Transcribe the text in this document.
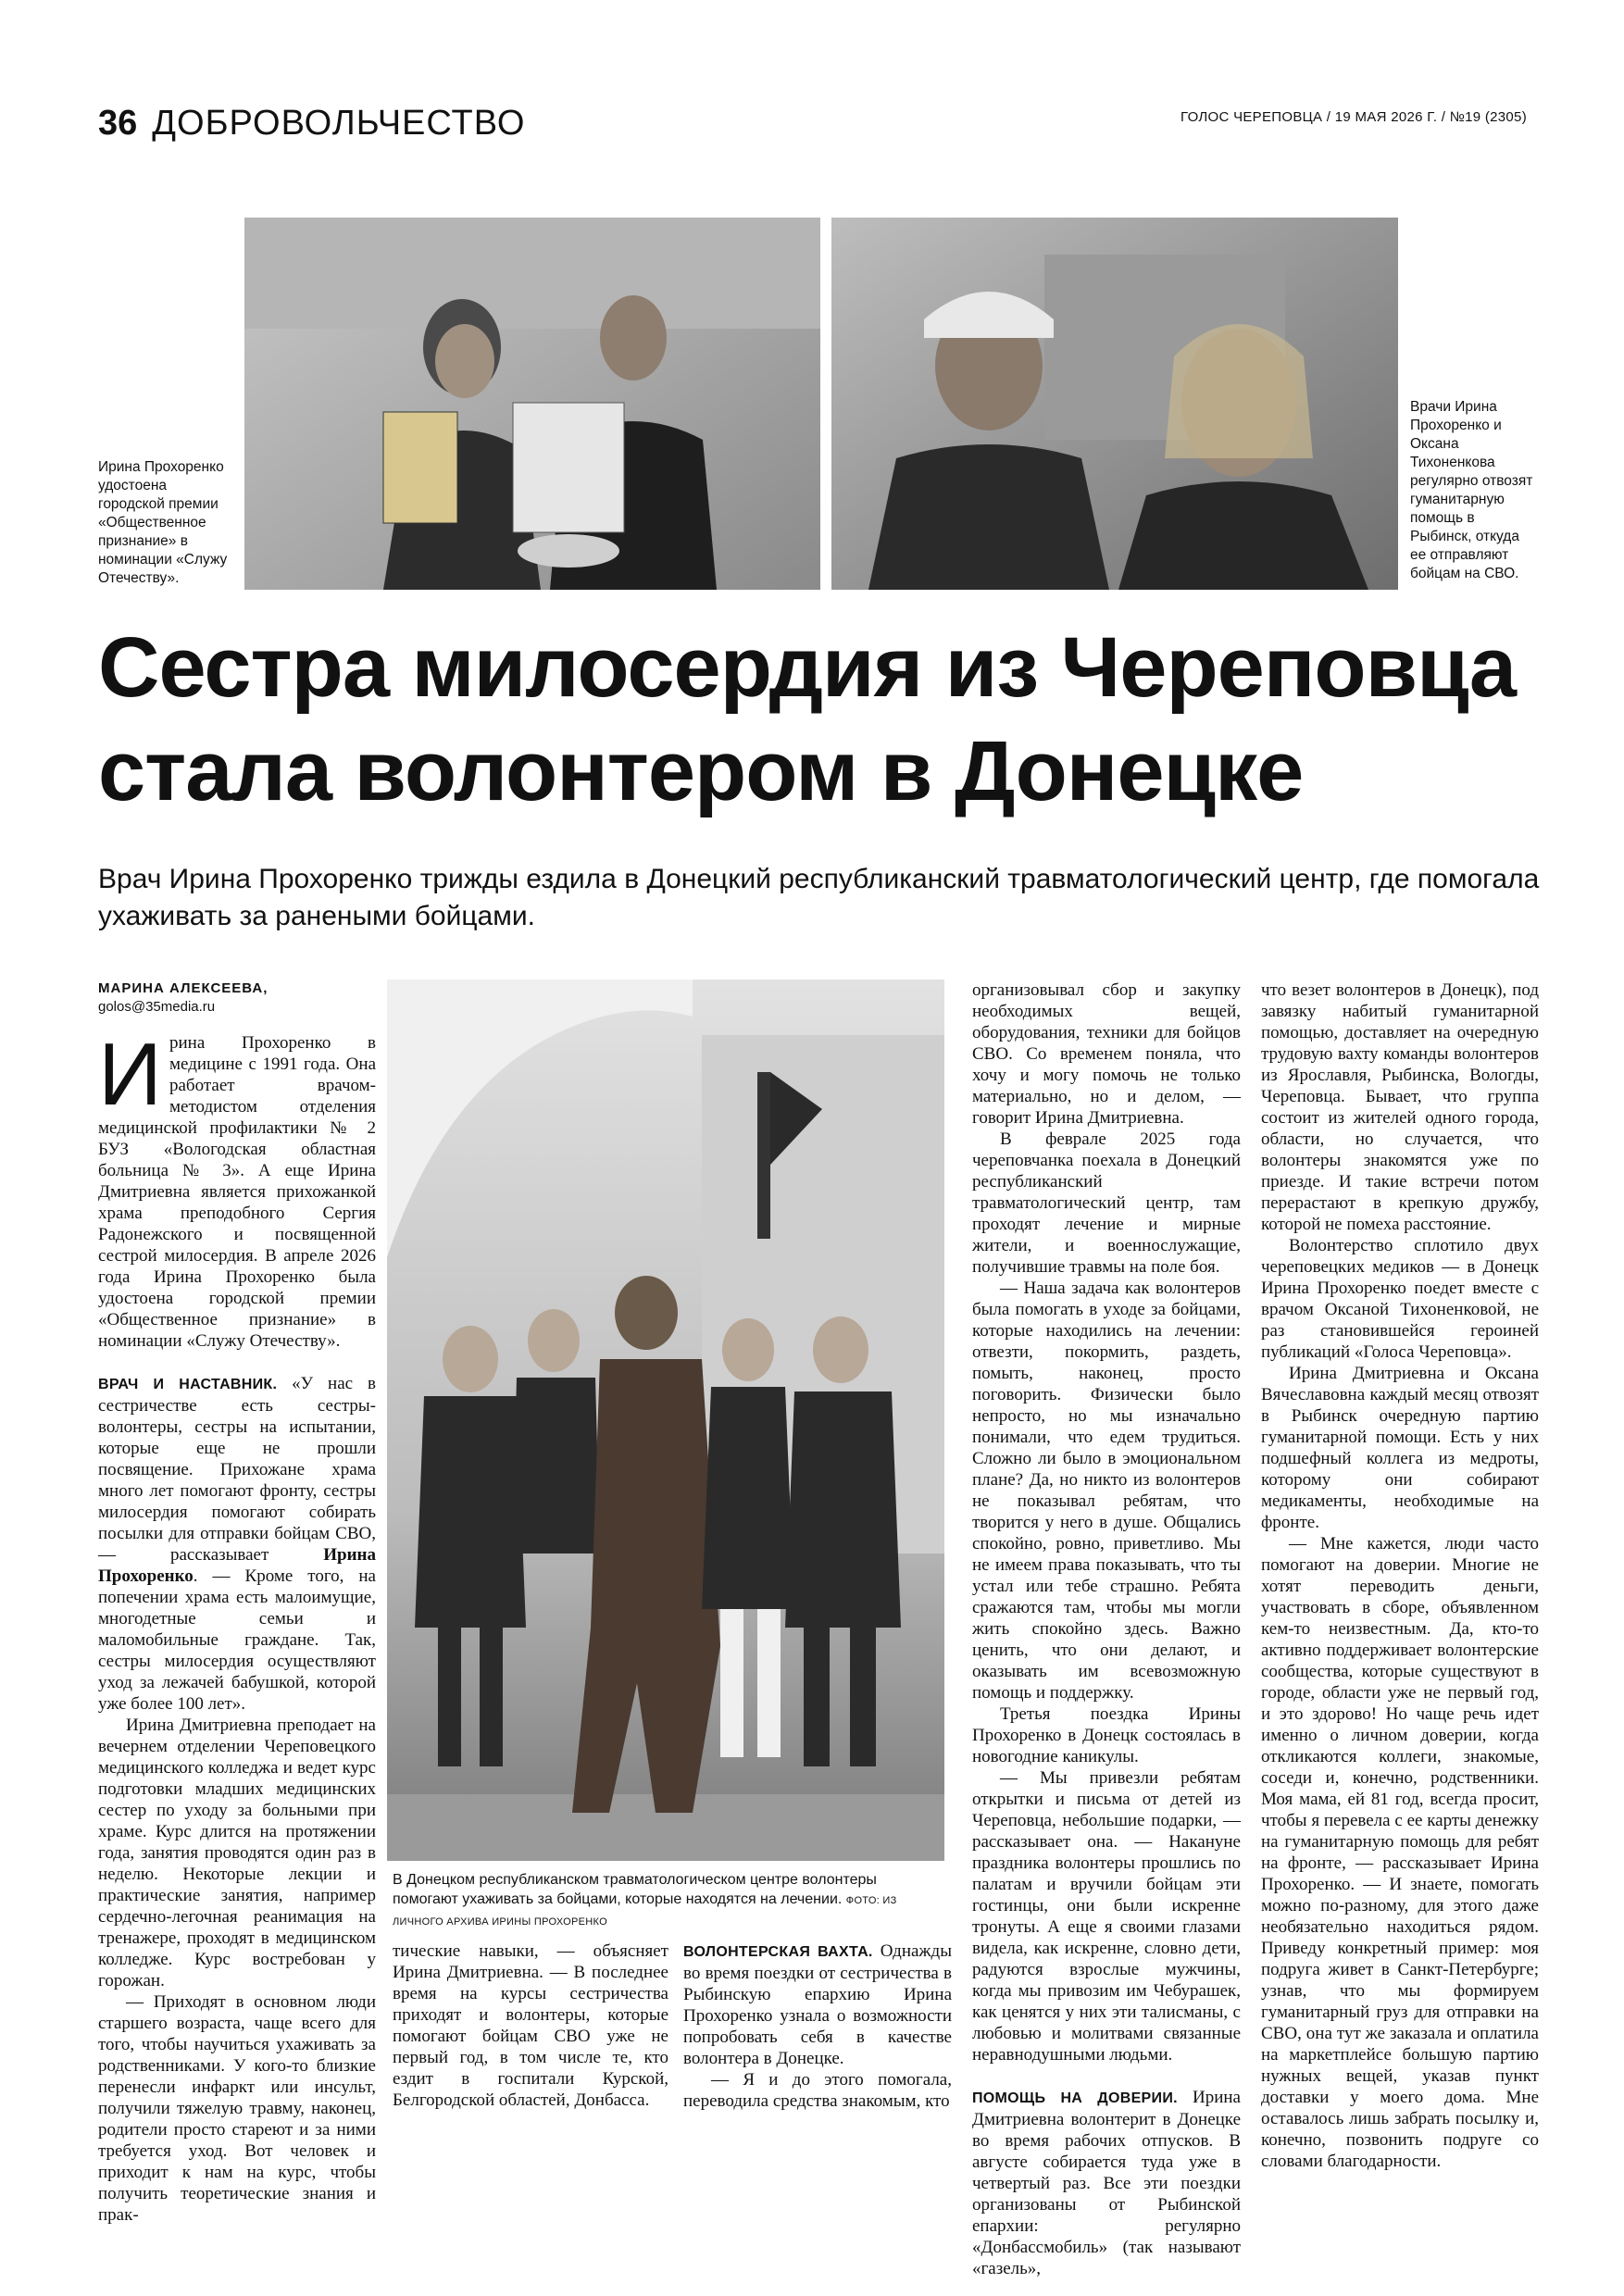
36 ДОБРОВОЛЬЧЕСТВО	ГОЛОС ЧЕРЕПОВЦА / 19 МАЯ 2026 Г. / №19 (2305)
Ирина Прохоренко удостоена городской премии «Общественное признание» в номинации «Служу Отечеству».
Врачи Ирина Прохоренко и Оксана Тихоненкова регулярно отвозят гуманитарную помощь в Рыбинск, откуда ее отправляют бойцам на СВО.
Сестра милосердия из Череповца
стала волонтером в Донецке
Врач Ирина Прохоренко трижды ездила в Донецкий республиканский травматологический центр, где помогала ухаживать за ранеными бойцами.
МАРИНА АЛЕКСЕЕВА,
golos@35media.ru

Ирина Прохоренко в медицине с 1991 года. Она работает врачом-методистом отделения медицинской профилактики № 2 БУЗ «Вологодская областная больница № 3». А еще Ирина Дмитриевна является прихожанкой храма преподобного Сергия Радонежского и посвященной сестрой милосердия. В апреле 2026 года Ирина Прохоренко была удостоена городской премии «Общественное признание» в номинации «Служу Отечеству».

ВРАЧ И НАСТАВНИК. «У нас в сестричестве есть сестры-волонтеры, сестры на испытании, которые еще не прошли посвящение. Прихожане храма много лет помогают фронту, сестры милосердия помогают собирать посылки для отправки бойцам СВО, — рассказывает Ирина Прохоренко. — Кроме того, на попечении храма есть малоимущие, многодетные семьи и маломобильные граждане. Так, сестры милосердия осуществляют уход за лежачей бабушкой, которой уже более 100 лет».

Ирина Дмитриевна преподает на вечернем отделении Череповецкого медицинского колледжа и ведет курс подготовки младших медицинских сестер по уходу за больными при храме. Курс длится на протяжении года, занятия проводятся один раз в неделю. Некоторые лекции и практические занятия, например сердечно-легочная реанимация на тренажере, проходят в медицинском колледже. Курс востребован у горожан.

— Приходят в основном люди старшего возраста, чаще всего для того, чтобы научиться ухаживать за родственниками. У кого-то близкие перенесли инфаркт или инсульт, получили тяжелую травму, наконец, родители просто стареют и за ними требуется уход. Вот человек и приходит к нам на курс, чтобы получить теоретические знания и прак-

В Донецком республиканском травматологическом центре волонтеры помогают ухаживать за бойцами, которые находятся на лечении. ФОТО: ИЗ ЛИЧНОГО АРХИВА ИРИНЫ ПРОХОРЕНКО

тические навыки, — объясняет Ирина Дмитриевна. — В последнее время на курсы сестричества приходят и волонтеры, которые помогают бойцам СВО уже не первый год, в том числе те, кто ездит в госпитали Курской, Белгородской областей, Донбасса.

ВОЛОНТЕРСКАЯ ВАХТА. Однажды во время поездки от сестричества в Рыбинскую епархию Ирина Прохоренко узнала о возможности попробовать себя в качестве волонтера в Донецке.

— Я и до этого помогала, переводила средства знакомым, кто

организовывал сбор и закупку необходимых вещей, оборудования, техники для бойцов СВО. Со временем поняла, что хочу и могу помочь не только материально, но и делом, — говорит Ирина Дмитриевна.

В феврале 2025 года череповчанка поехала в Донецкий республиканский травматологический центр, там проходят лечение и мирные жители, и военнослужащие, получившие травмы на поле боя.

— Наша задача как волонтеров была помогать в уходе за бойцами, которые находились на лечении: отвезти, покормить, раздеть, помыть, наконец, просто поговорить. Физически было непросто, но мы изначально понимали, что едем трудиться. Сложно ли было в эмоциональном плане? Да, но никто из волонтеров не показывал ребятам, что творится у него в душе. Общались спокойно, ровно, приветливо. Мы не имеем права показывать, что ты устал или тебе страшно. Ребята сражаются там, чтобы мы могли жить спокойно здесь. Важно ценить, что они делают, и оказывать им всевозможную помощь и поддержку.

Третья поездка Ирины Прохоренко в Донецк состоялась в новогодние каникулы.

— Мы привезли ребятам открытки и письма от детей из Череповца, небольшие подарки, — рассказывает она. — Накануне праздника волонтеры прошлись по палатам и вручили бойцам эти гостинцы, они были искренне тронуты. А еще я своими глазами видела, как искренне, словно дети, радуются взрослые мужчины, когда мы привозим им Чебурашек, как ценятся у них эти талисманы, с любовью и молитвами связанные неравнодушными людьми.

ПОМОЩЬ НА ДОВЕРИИ. Ирина Дмитриевна волонтерит в Донецке во время рабочих отпусков. В августе собирается туда уже в четвертый раз. Все эти поездки организованы от Рыбинской епархии: регулярно «Донбассмобиль» (так называют «газель»,

что везет волонтеров в Донецк), под завязку набитый гуманитарной помощью, доставляет на очередную трудовую вахту команды волонтеров из Ярославля, Рыбинска, Вологды, Череповца. Бывает, что группа состоит из жителей одного города, области, но случается, что волонтеры знакомятся уже по приезде. И такие встречи потом перерастают в крепкую дружбу, которой не помеха расстояние.

Волонтерство сплотило двух череповецких медиков — в Донецк Ирина Прохоренко поедет вместе с врачом Оксаной Тихоненковой, не раз становившейся героиней публикаций «Голоса Череповца».

Ирина Дмитриевна и Оксана Вячеславовна каждый месяц отвозят в Рыбинск очередную партию гуманитарной помощи. Есть у них подшефный коллега из медроты, которому они собирают медикаменты, необходимые на фронте.

— Мне кажется, люди часто помогают на доверии. Многие не хотят переводить деньги, участвовать в сборе, объявленном кем-то неизвестным. Да, кто-то активно поддерживает волонтерские сообщества, которые существуют в городе, области уже не первый год, и это здорово! Но чаще речь идет именно о личном доверии, когда откликаются коллеги, знакомые, соседи и, конечно, родственники. Моя мама, ей 81 год, всегда просит, чтобы я перевела с ее карты денежку на гуманитарную помощь для ребят на фронте, — рассказывает Ирина Прохоренко. — И знаете, помогать можно по-разному, для этого даже необязательно находиться рядом. Приведу конкретный пример: моя подруга живет в Санкт-Петербурге; узнав, что мы формируем гуманитарный груз для отправки на СВО, она тут же заказала и оплатила на маркетплейсе большую партию нужных вещей, указав пункт доставки у моего дома. Мне оставалось лишь забрать посылку и, конечно, позвонить подруге со словами благодарности.
